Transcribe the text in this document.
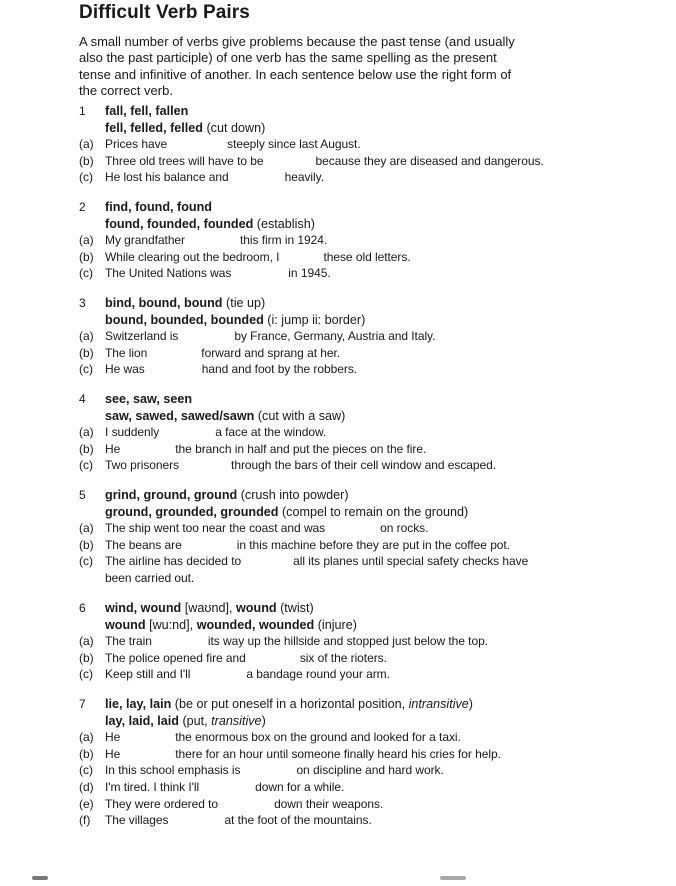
Difficult Verb Pairs
A small number of verbs give problems because the past tense (and usually
also the past participle) of one verb has the same spelling as the present
tense and infinitive of another. In each sentence below use the right form of
the correct verb.
1 fall, fell, fallen
fell, felled, felled (cut down)
(a) Prices have	steeply since last August.
(b) Three old trees will have to be	because they are diseased and dangerous.
(c) He lost his balance and	heavily.
2 find, found, found
found, founded, founded (establish)
(a) My grandfather	this firm in 1924.
(b) While clearing out the bedroom, I	these old letters.
(c) The United Nations was	in 1945.
3 bind, bound, bound (tie up)
bound, bounded, bounded (i: jump ii: border)
(a) Switzerland is	by France, Germany, Austria and Italy.
(b) The lion	forward and sprang at her.
(c) He was	hand and foot by the robbers.
4 see, saw, seen
saw, sawed, sawed/sawn (cut with a saw)
(a) I suddenly	a face at the window.
(b) He	the branch in half and put the pieces on the fire.
(c) Two prisoners	through the bars of their cell window and escaped.
5 grind, ground, ground (crush into powder)
ground, grounded, grounded (compel to remain on the ground)
(a) The ship went too near the coast and was	on rocks.
(b) The beans are	in this machine before they are put in the coffee pot.
(c) The airline has decided to	all its planes until special safety checks have
been carried out.
6 wind, wound [waʊnd], wound (twist)
wound [wu:nd], wounded, wounded (injure)
(a) The train	its way up the hillside and stopped just below the top.
(b) The police opened fire and	six of the rioters.
(c) Keep still and I'll	a bandage round your arm.
7 lie, lay, lain (be or put oneself in a horizontal position, intransitive)
lay, laid, laid (put, transitive)
(a) He	the enormous box on the ground and looked for a taxi.
(b) He	there for an hour until someone finally heard his cries for help.
(c) In this school emphasis is	on discipline and hard work.
(d) I'm tired. I think I'll	down for a while.
(e) They were ordered to	down their weapons.
(f) The villages	at the foot of the mountains.
